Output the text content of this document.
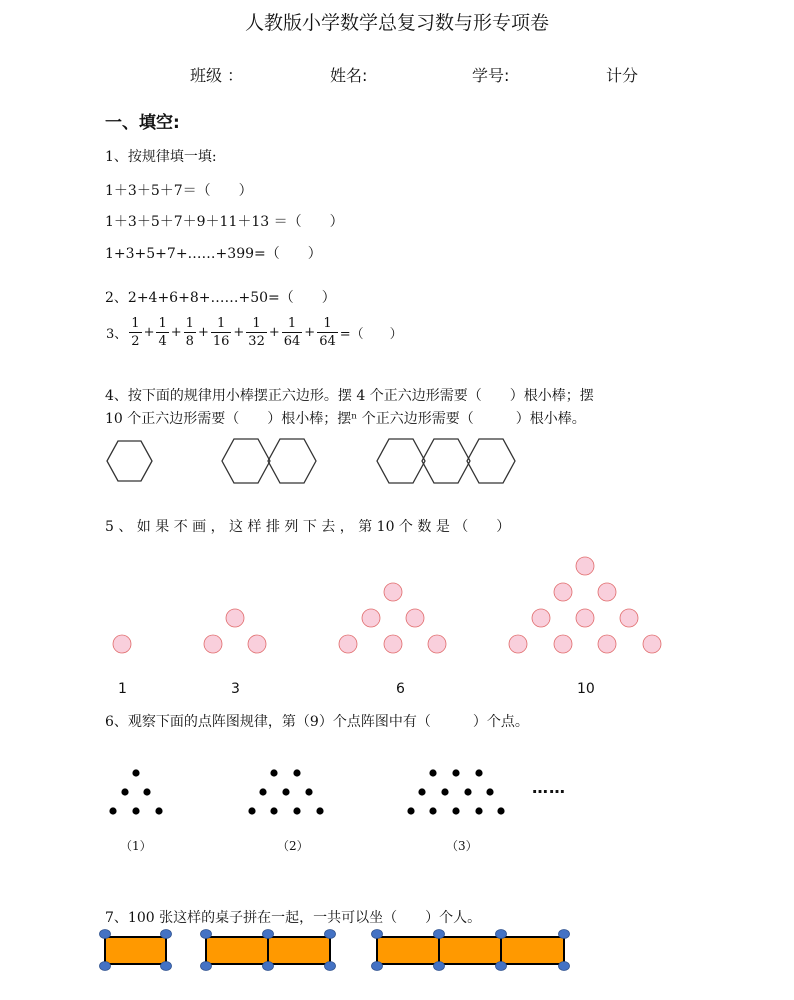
人教版小学数学总复习数与形专项卷
班级 ：	姓名:	学号:	计分
一、填空:
1、按规律填一填:
1＋3＋5＋7＝（　　）
1＋3＋5＋7＋9＋11＋13 ＝（　　）
1+3+5+7+……+399=（　　）
2、2+4+6+8+……+50=（　　）
3、 $\frac{1}{2} + \frac{1}{4} + \frac{1}{8} + \frac{1}{16} + \frac{1}{32} + \frac{1}{64} + \frac{1}{64}$ =（　　）
4、按下面的规律用小棒摆正六边形。摆 4 个正六边形需要（　　）根小棒；摆
10 个正六边形需要（　　）根小棒；摆ⁿ 个正六边形需要（　　　）根小棒。
5 、 如 果 不 画 ， 这 样 排 列 下 去 ， 第 10 个 数 是 （　　）
1	3	6	10
6、观察下面的点阵图规律，第（9）个点阵图中有（　　　）个点。
（1）	（2）	（3）
……
7、100 张这样的桌子拼在一起，一共可以坐（　　）个人。
